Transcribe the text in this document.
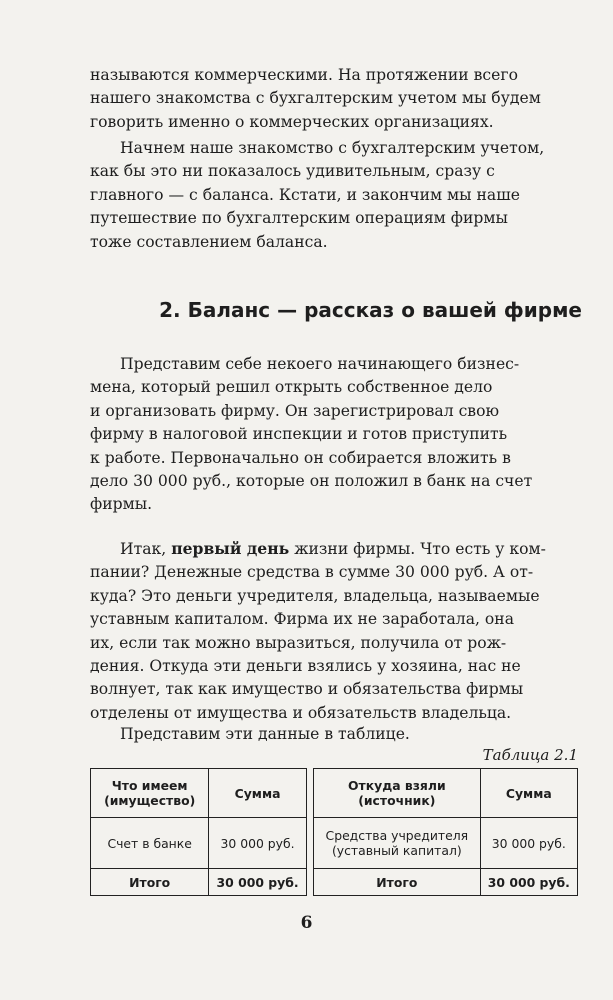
называются коммерческими. На протяжении всего
нашего знакомства с бухгалтерским учетом мы будем
говорить именно о коммерческих организациях.

Начнем наше знакомство с бухгалтерским учетом,
как бы это ни показалось удивительным, сразу с
главного — с баланса. Кстати, и закончим мы наше
путешествие по бухгалтерским операциям фирмы
тоже составлением баланса.

2. Баланс — рассказ о вашей фирме

Представим себе некоего начинающего бизнес-
мена, который решил открыть собственное дело
и организовать фирму. Он зарегистрировал свою
фирму в налоговой инспекции и готов приступить
к работе. Первоначально он собирается вложить в
дело 30 000 руб., которые он положил в банк на счет
фирмы.

Итак, первый день жизни фирмы. Что есть у ком-
пании? Денежные средства в сумме 30 000 руб. А от-
куда? Это деньги учредителя, владельца, называемые
уставным капиталом. Фирма их не заработала, она
их, если так можно выразиться, получила от рож-
дения. Откуда эти деньги взялись у хозяина, нас не
волнует, так как имущество и обязательства фирмы
отделены от имущества и обязательств владельца.

Представим эти данные в таблице.

Таблица 2.1
Что имеем (имущество)	Сумма		Откуда взяли (источник)	Сумма
Счет в банке	30 000 руб.		Средства учредителя (уставный капитал)	30 000 руб.
Итого	30 000 руб.		Итого	30 000 руб.
6
